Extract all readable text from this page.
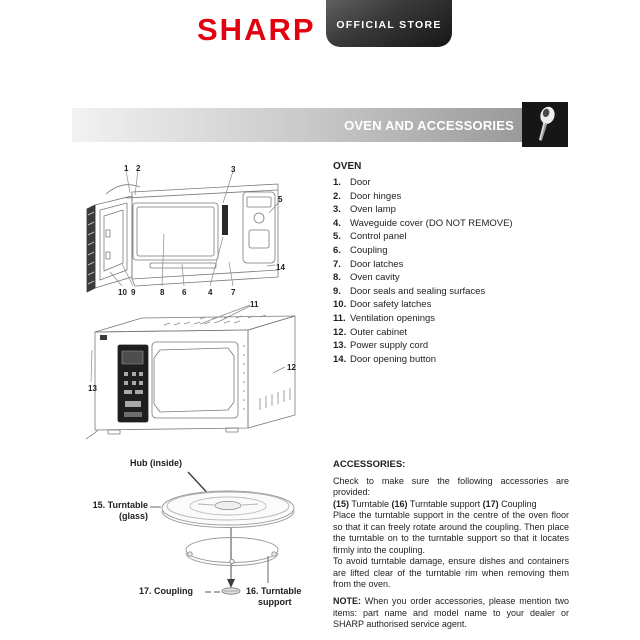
SHARP OFFICIAL STORE
OVEN AND ACCESSORIES
1 2	3
5
10 9	8 6	4 7
14
11
12
13
Hub (inside)
15. Turntable
(glass)
17. Coupling	16. Turntable
support
OVEN
1. Door
2. Door hinges
3. Oven lamp
4. Waveguide cover (DO NOT REMOVE)
5. Control panel
6. Coupling
7. Door latches
8. Oven cavity
9. Door seals and sealing surfaces
10. Door safety latches
11. Ventilation openings
12. Outer cabinet
13. Power supply cord
14. Door opening button
ACCESSORIES:

Check to make sure the following accessories are provided:

(15) Turntable (16) Turntable support (17) Coupling

Place the turntable support in the centre of the oven floor so that it can freely rotate around the coupling. Then place the turntable on to the turntable support so that it locates firmly into the coupling.

To avoid turntable damage, ensure dishes and containers are lifted clear of the turntable rim when removing them from the oven.

NOTE: When you order accessories, please mention two items: part name and model name to your dealer or SHARP authorised service agent.
